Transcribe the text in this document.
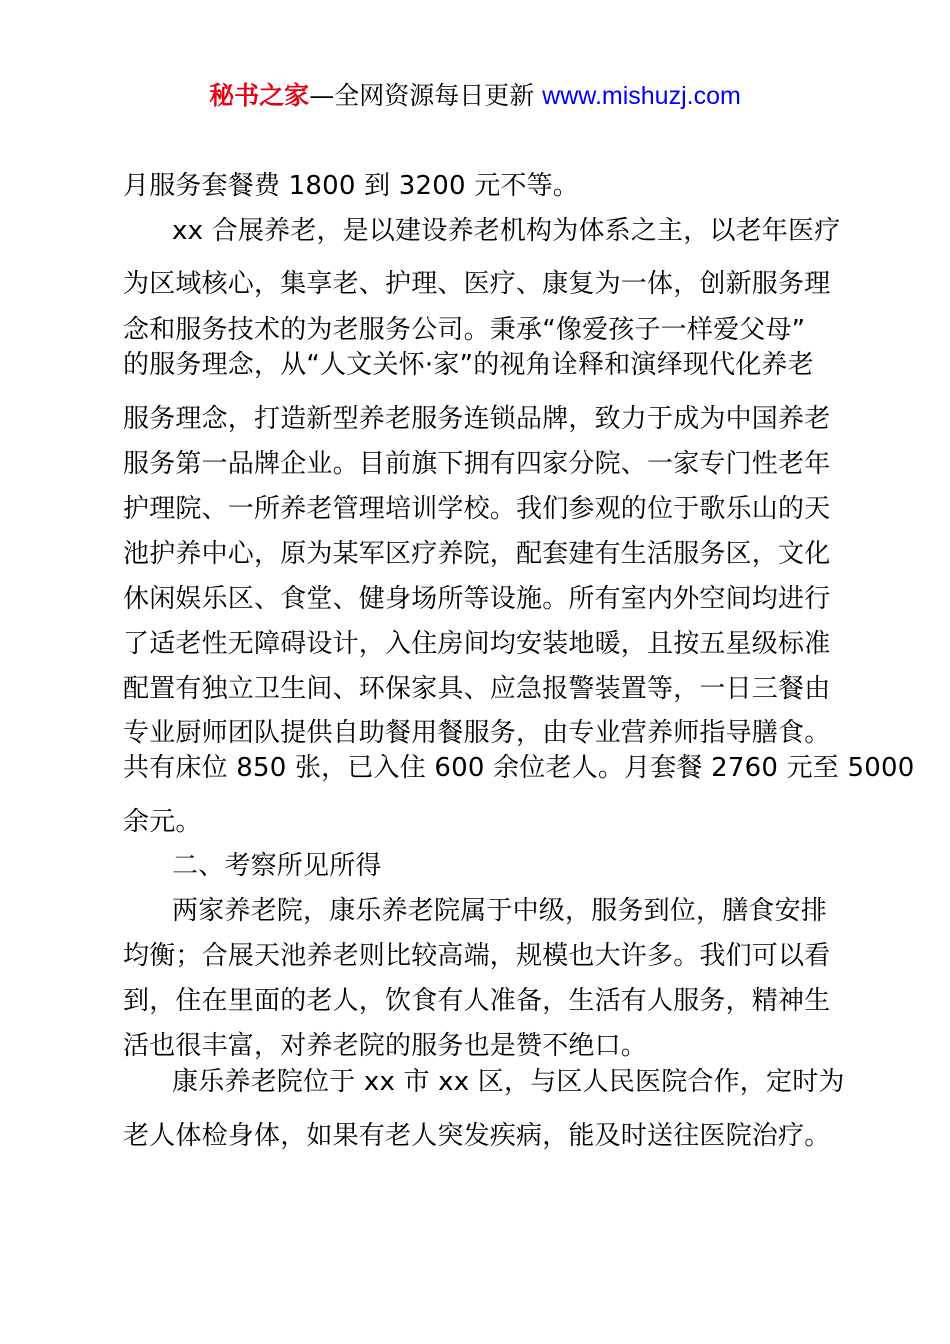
秘书之家—全网资源每日更新 www.mishuzj.com
月服务套餐费 1800 到 3200 元不等。
xx 合展养老，是以建设养老机构为体系之主，以老年医疗
为区域核心，集享老、护理、医疗、康复为一体，创新服务理
念和服务技术的为老服务公司。秉承“像爱孩子一样爱父母”
的服务理念，从“人文关怀·家”的视角诠释和演绎现代化养老
服务理念，打造新型养老服务连锁品牌，致力于成为中国养老
服务第一品牌企业。目前旗下拥有四家分院、一家专门性老年
护理院、一所养老管理培训学校。我们参观的位于歌乐山的天
池护养中心，原为某军区疗养院，配套建有生活服务区，文化
休闲娱乐区、食堂、健身场所等设施。所有室内外空间均进行
了适老性无障碍设计，入住房间均安装地暖，且按五星级标准
配置有独立卫生间、环保家具、应急报警装置等，一日三餐由
专业厨师团队提供自助餐用餐服务，由专业营养师指导膳食。
共有床位 850 张，已入住 600 余位老人。月套餐 2760 元至 5000
余元。
二、考察所见所得
两家养老院，康乐养老院属于中级，服务到位，膳食安排
均衡；合展天池养老则比较高端，规模也大许多。我们可以看
到，住在里面的老人，饮食有人准备，生活有人服务，精神生
活也很丰富，对养老院的服务也是赞不绝口。
康乐养老院位于 xx 市 xx 区，与区人民医院合作，定时为
老人体检身体，如果有老人突发疾病，能及时送往医院治疗。
